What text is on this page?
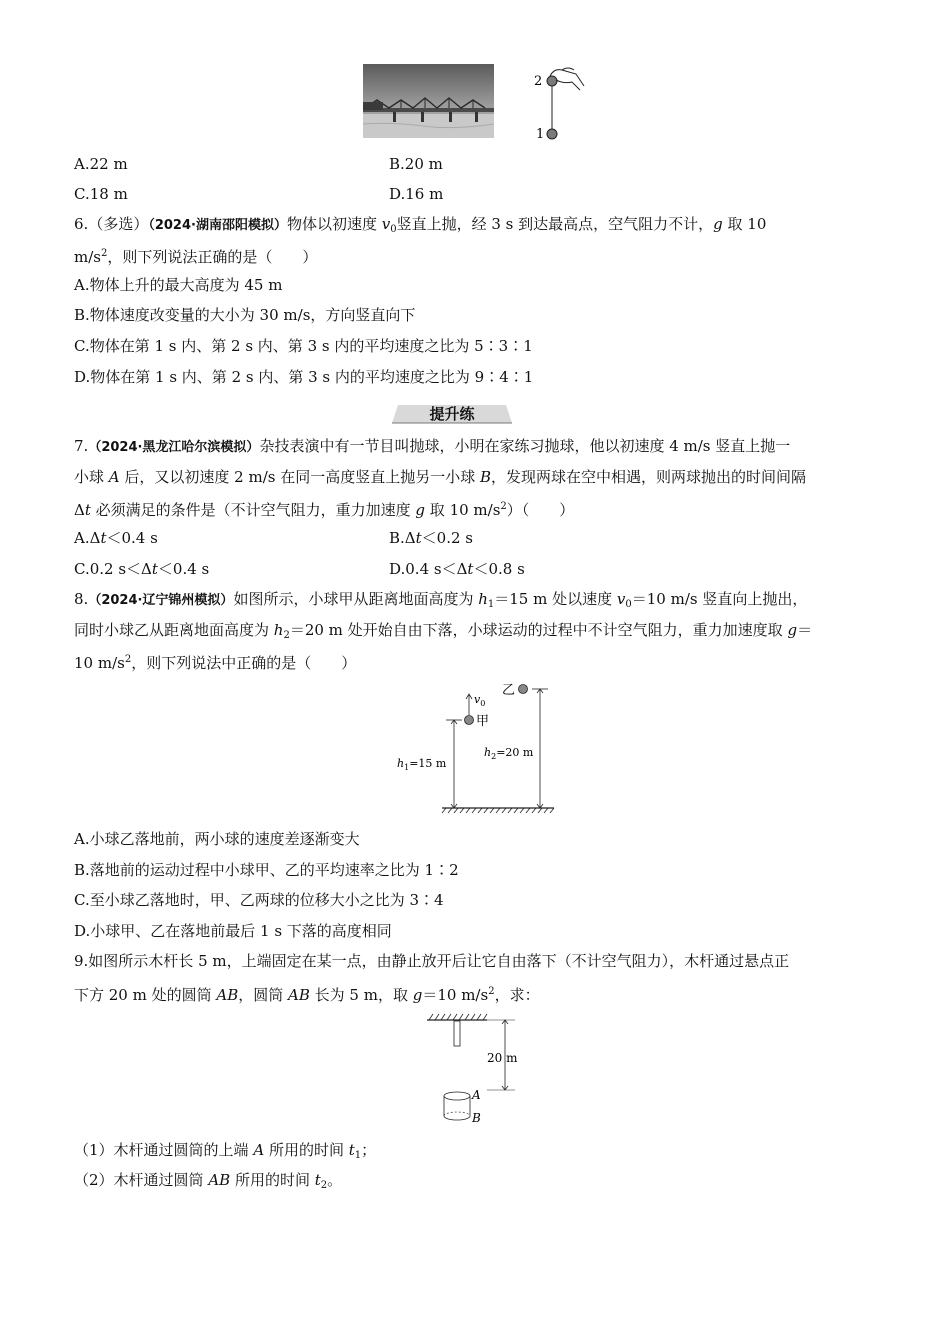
2
1
A.22 m	B.20 m
C.18 m	D.16 m
6.（多选）（2024·湖南邵阳模拟）物体以初速度 $v_0$竖直上抛，经 3 s 到达最高点，空气阻力不计，g 取 10
$m/s^2$，则下列说法正确的是（　　）
A.物体上升的最大高度为 45 m
B.物体速度改变量的大小为 30 m/s，方向竖直向下
C.物体在第 1 s 内、第 2 s 内、第 3 s 内的平均速度之比为 5∶3∶1
D.物体在第 1 s 内、第 2 s 内、第 3 s 内的平均速度之比为 9∶4∶1
提升练
7.（2024·黑龙江哈尔滨模拟）杂技表演中有一节目叫抛球，小明在家练习抛球，他以初速度 4 m/s 竖直上抛一
小球 A 后，又以初速度 2 m/s 在同一高度竖直上抛另一小球 B，发现两球在空中相遇，则两球抛出的时间间隔
Δt 必须满足的条件是（不计空气阻力，重力加速度 g 取 10 $m/s^2$）（　　）
A.Δt＜0.4 s	B.Δt＜0.2 s
C.0.2 s＜Δt＜0.4 s	D.0.4 s＜Δt＜0.8 s
8.（2024·辽宁锦州模拟）如图所示，小球甲从距离地面高度为 $h_1=15$ m 处以速度 $v_0=10$ m/s 竖直向上抛出，
同时小球乙从距离地面高度为 $h_2=20$ m 处开始自由下落，小球运动的过程中不计空气阻力，重力加速度取 g＝
10 $m/s^2$，则下列说法中正确的是（　　）
$v_0$
甲
乙
$h_1=15$ m
$h_2=20$ m
A.小球乙落地前，两小球的速度差逐渐变大
B.落地前的运动过程中小球甲、乙的平均速率之比为 1∶2
C.至小球乙落地时，甲、乙两球的位移大小之比为 3∶4
D.小球甲、乙在落地前最后 1 s 下落的高度相同
9.如图所示木杆长 5 m，上端固定在某一点，由静止放开后让它自由落下（不计空气阻力），木杆通过悬点正
下方 20 m 处的圆筒 AB，圆筒 AB 长为 5 m，取 g＝10 $m/s^2$，求：
20 m
A
B
（1）木杆通过圆筒的上端 A 所用的时间 $t_1$；
（2）木杆通过圆筒 AB 所用的时间 $t_2$。
